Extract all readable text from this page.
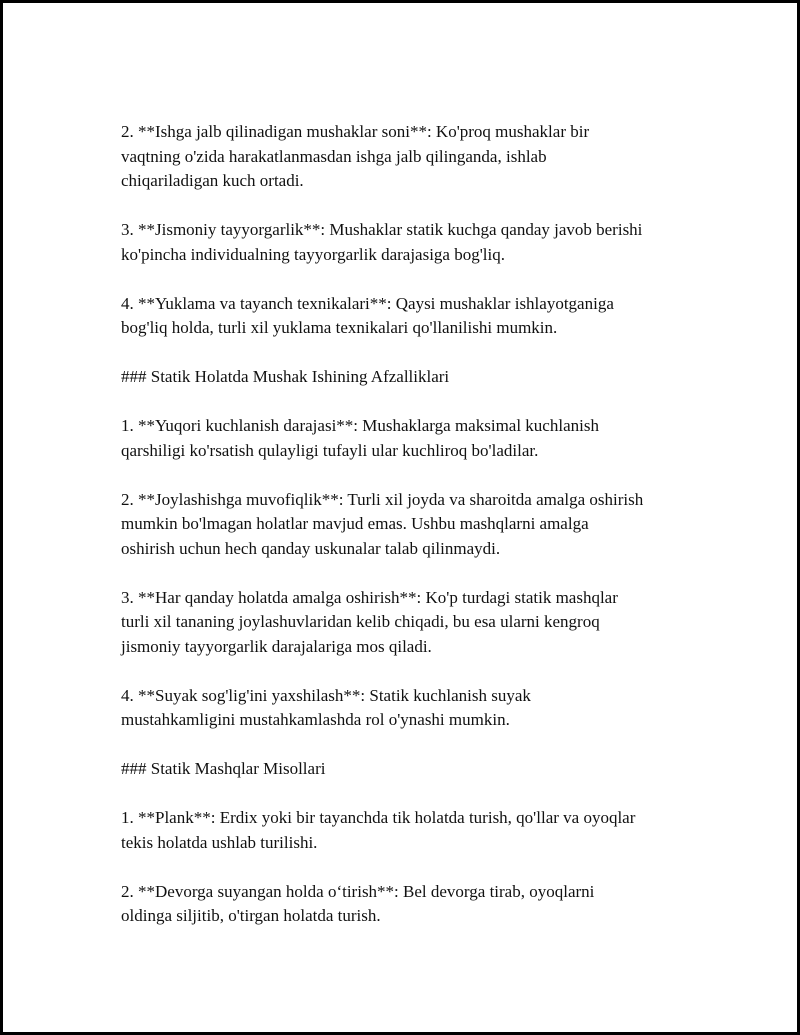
2. **Ishga jalb qilinadigan mushaklar soni**: Ko'proq mushaklar bir
vaqtning o'zida harakatlanmasdan ishga jalb qilinganda, ishlab
chiqariladigan kuch ortadi.

3. **Jismoniy tayyorgarlik**: Mushaklar statik kuchga qanday javob berishi
ko'pincha individualning tayyorgarlik darajasiga bog'liq.

4. **Yuklama va tayanch texnikalari**: Qaysi mushaklar ishlayotganiga
bog'liq holda, turli xil yuklama texnikalari qo'llanilishi mumkin.

### Statik Holatda Mushak Ishining Afzalliklari

1. **Yuqori kuchlanish darajasi**: Mushaklarga maksimal kuchlanish
qarshiligi ko'rsatish qulayligi tufayli ular kuchliroq bo'ladilar.

2. **Joylashishga muvofiqlik**: Turli xil joyda va sharoitda amalga oshirish
mumkin bo'lmagan holatlar mavjud emas. Ushbu mashqlarni amalga
oshirish uchun hech qanday uskunalar talab qilinmaydi.

3. **Har qanday holatda amalga oshirish**: Ko'p turdagi statik mashqlar
turli xil tananing joylashuvlaridan kelib chiqadi, bu esa ularni kengroq
jismoniy tayyorgarlik darajalariga mos qiladi.

4. **Suyak sog'lig'ini yaxshilash**: Statik kuchlanish suyak
mustahkamligini mustahkamlashda rol o'ynashi mumkin.

### Statik Mashqlar Misollari

1. **Plank**: Erdix yoki bir tayanchda tik holatda turish, qo'llar va oyoqlar
tekis holatda ushlab turilishi.

2. **Devorga suyangan holda o‘tirish**: Bel devorga tirab, oyoqlarni
oldinga siljitib, o'tirgan holatda turish.
